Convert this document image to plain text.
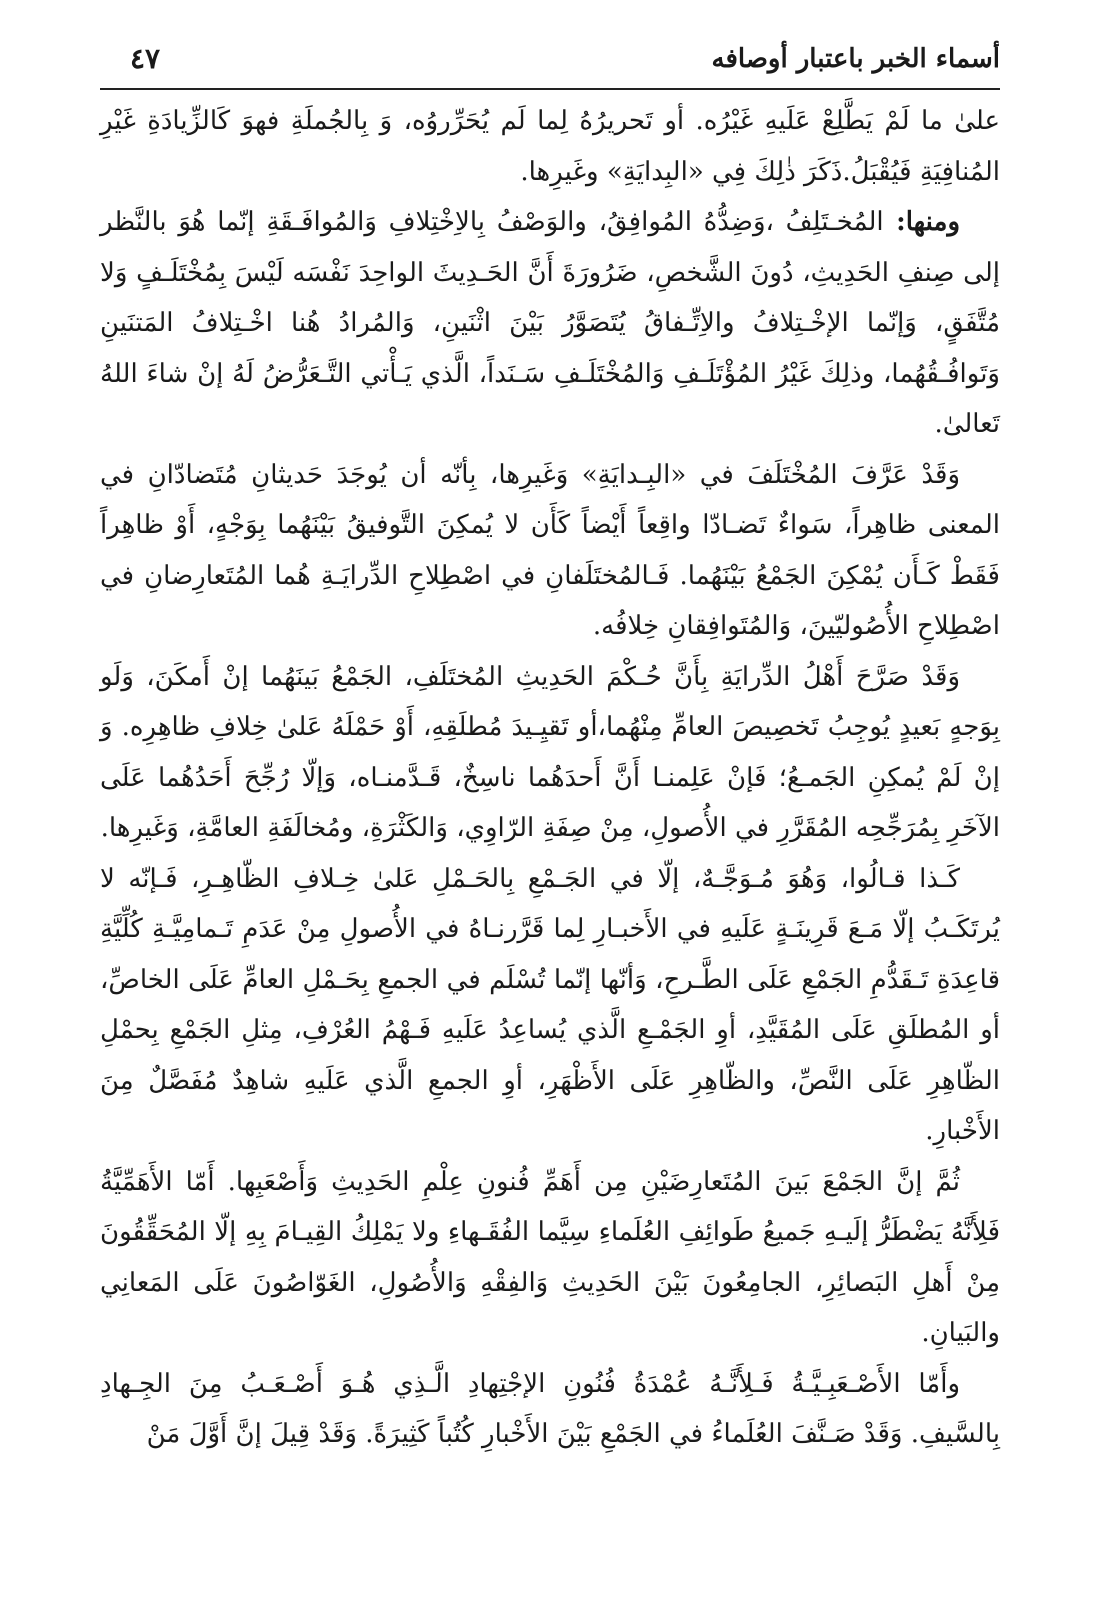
أسماء الخبر باعتبار أوصافه
٤٧

علىٰ ما لَمْ يَطَّلِعْ عَلَيهِ غَيْرُه. أو تَحريرُهُ لِما لَم يُحَرِّروُه، وَ بِالجُملَةِ فهوَ كَالزِّيادَةِ غَيْرِ المُنافِيَةِ فَيُقْبَلُ.ذَكَرَ ذٰلِكَ فِي «البِدايَةِ» وغَيرِها.

ومنها: المُخـتَلِفُ ،وَضِدُّهُ المُوافِقُ، والوَصْفُ بِالاِخْتِلافِ وَالمُوافَـقَةِ إنّما هُوَ بالنَّظر إلى صِنفِ الحَدِيثِ، دُونَ الشَّخصِ، ضَرُورَةَ أَنَّ الحَـدِيثَ الواحِدَ نَفْسَه لَيْسَ بِمُخْتَلَـفٍ وَلا مُتَّفَقٍ، وَإنّما الإخْـتِلافُ والاِتِّـفاقُ يُتَصَوَّرُ بَيْنَ اثْنَينِ، وَالمُرادُ هُنا اخْـتِلافُ المَتنَينِ وَتَوافُـقُهُما، وذلِكَ غَيْرُ المُؤْتَلَـفِ وَالمُخْتَلَـفِ سَـنَداً، الَّذي يَـأْتي التَّـعَرُّضُ لَهُ إنْ شاءَ اللهُ تَعالىٰ.

وَقَدْ عَرَّفَ المُخْتَلَفَ في «البِـدايَةِ» وَغَيرِها، بِأنّه أن يُوجَدَ حَديثانِ مُتَضادّانِ في المعنى ظاهِراً، سَواءٌ تَضـادّا واقِعاً أَيْضاً كَأَن لا يُمكِنَ التَّوفيقُ بَيْنَهُما بِوَجْهٍ، أَوْ ظاهِراً فَقَطْ كَـأَن يُمْكِنَ الجَمْعُ بَيْنَهُما. فَـالمُختَلَفانِ في اصْطِلاحِ الدِّرايَـةِ هُما المُتَعارِضانِ في اصْطِلاحِ الأُصُوليّينَ، وَالمُتَوافِقانِ خِلافُه.

وَقَدْ صَرَّحَ أَهْلُ الدِّرايَةِ بِأَنَّ حُـكْمَ الحَدِيثِ المُختَلَفِ، الجَمْعُ بَينَهُما إنْ أَمكَنَ، وَلَو بِوَجهٍ بَعيدٍ يُوجِبُ تَخصِيصَ العامِّ مِنْهُما،أو تَقيِـيدَ مُطلَقِهِ، أَوْ حَمْلَهُ عَلىٰ خِلافِ ظاهِرِه. وَ إنْ لَمْ يُمكِنِ الجَمـعُ؛ فَإنْ عَلِمنـا أَنَّ أَحدَهُما ناسِخٌ، قَـدَّمنـاه، وَإلّا رُجِّحَ أَحَدُهُما عَلَى الآخَرِ بِمُرَجِّحِه المُقَرَّرِ في الأُصولِ، مِنْ صِفَةِ الرّاوِي، وَالكَثْرَةِ، ومُخالَفَةِ العامَّةِ، وَغَيرِها.

كَـذا قـالُوا، وَهُوَ مُـوَجَّـهٌ، إلّا في الجَـمْعِ بِالحَـمْلِ عَلىٰ خِـلافِ الظّاهِـرِ، فَـإنّه لا يُرتَكَـبُ إلّا مَـعَ قَرِينَـةٍ عَلَيهِ في الأَخبـارِ لِما قَرَّرنـاهُ في الأُصولِ مِنْ عَدَمِ تَـمامِيَّـةِ كُلِّيَّةِ قاعِدَةِ تَـقَدُّمِ الجَمْعِ عَلَى الطَّـرحِ، وَأنّها إنّما تُسْلَم في الجمعِ بِحَـمْلِ العامِّ عَلَى الخاصِّ، أو المُطلَقِ عَلَى المُقَيَّدِ، أوِ الجَمْـعِ الَّذي يُساعِدُ عَلَيهِ فَـهْمُ العُرْفِ، مِثلِ الجَمْعِ بِحمْلِ الظّاهِرِ عَلَى النَّصِّ، والظّاهِرِ عَلَى الأَظْهَرِ، أوِ الجمعِ الَّذي عَلَيهِ شاهِدٌ مُفَصَّلٌ مِنَ الأَخْبارِ.

ثُمَّ إنَّ الجَمْعَ بَينَ المُتَعارِضَيْنِ مِن أَهَمِّ فُنونِ عِلْمِ الحَدِيثِ وَأَصْعَبِها. أَمّا الأَهَمِّيَّةُ فَلِأَنَّهُ يَضْطَرُّ إلَيـهِ جَميعُ طَوائِفِ العُلَماءِ سِيَّما الفُقَـهاءِ ولا يَمْلِكُ القِيـامَ بِهِ إلّا المُحَقِّقُونَ مِنْ أَهلِ البَصائِرِ، الجامِعُونَ بَيْنَ الحَدِيثِ وَالفِقْهِ وَالأُصُولِ، الغَوّاصُونَ عَلَى المَعانِي والبَيانِ.

وأَمّا الأَصْـعَبِـيَّـةُ فَـلِأَنَّـهُ عُمْدَةُ فُنُونِ الإجْتِهادِ الَّـذِي هُـوَ أَصْـعَـبُ مِنَ الجِـهادِ بِالسَّيفِ. وَقَدْ صَـنَّفَ العُلَماءُ في الجَمْعِ بَيْنَ الأَخْبارِ كُتُباً كَثِيرَةً. وَقَدْ قِيلَ إنَّ أَوَّلَ مَنْ
